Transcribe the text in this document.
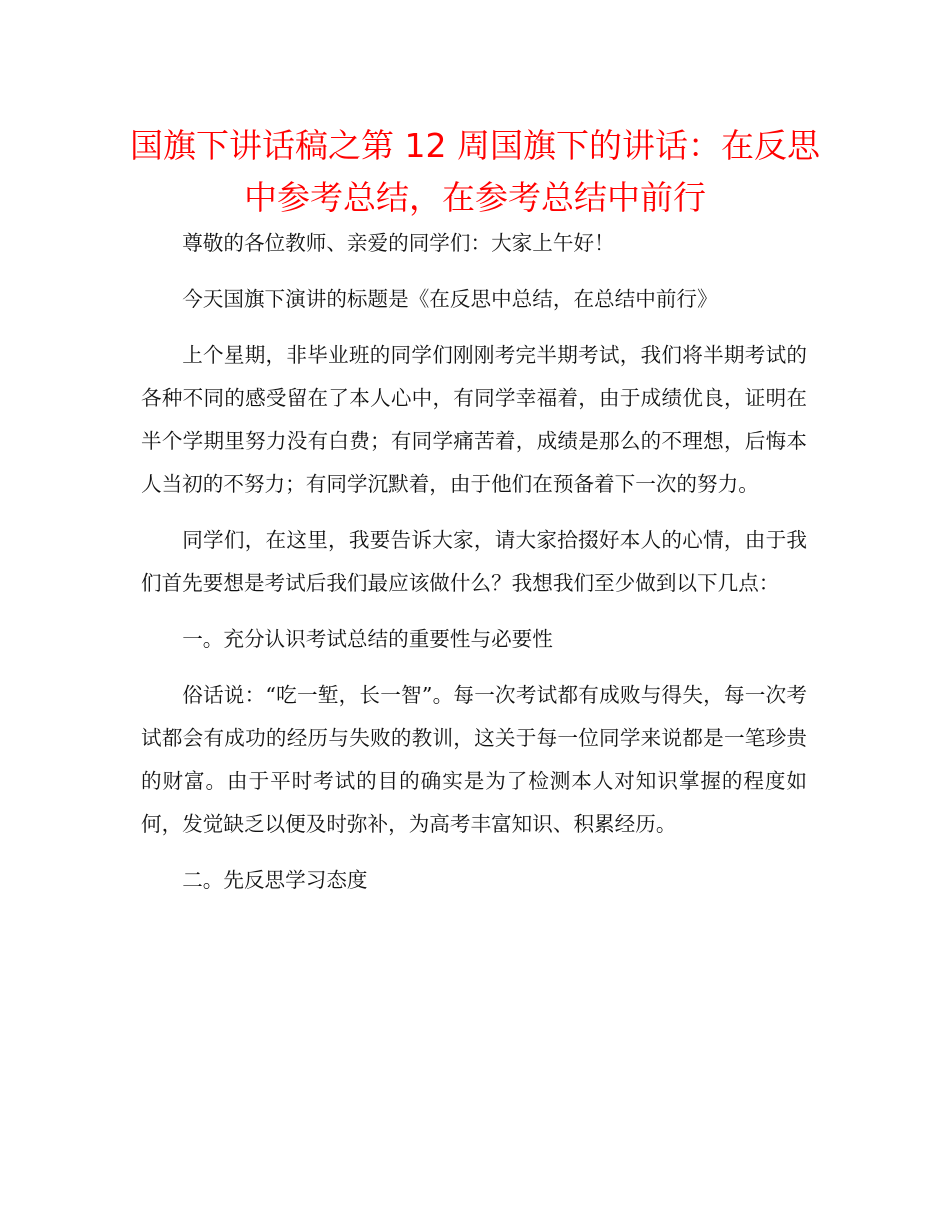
国旗下讲话稿之第 12 周国旗下的讲话：在反思中参考总结，在参考总结中前行

尊敬的各位教师、亲爱的同学们：大家上午好！

今天国旗下演讲的标题是《在反思中总结，在总结中前行》

上个星期，非毕业班的同学们刚刚考完半期考试，我们将半期考试的各种不同的感受留在了本人心中，有同学幸福着，由于成绩优良，证明在半个学期里努力没有白费；有同学痛苦着，成绩是那么的不理想，后悔本人当初的不努力；有同学沉默着，由于他们在预备着下一次的努力。

同学们，在这里，我要告诉大家，请大家拾掇好本人的心情，由于我们首先要想是考试后我们最应该做什么？我想我们至少做到以下几点：

一。充分认识考试总结的重要性与必要性

俗话说：“吃一堑，长一智”。每一次考试都有成败与得失，每一次考试都会有成功的经历与失败的教训，这关于每一位同学来说都是一笔珍贵的财富。由于平时考试的目的确实是为了检测本人对知识掌握的程度如何，发觉缺乏以便及时弥补，为高考丰富知识、积累经历。

二。先反思学习态度
